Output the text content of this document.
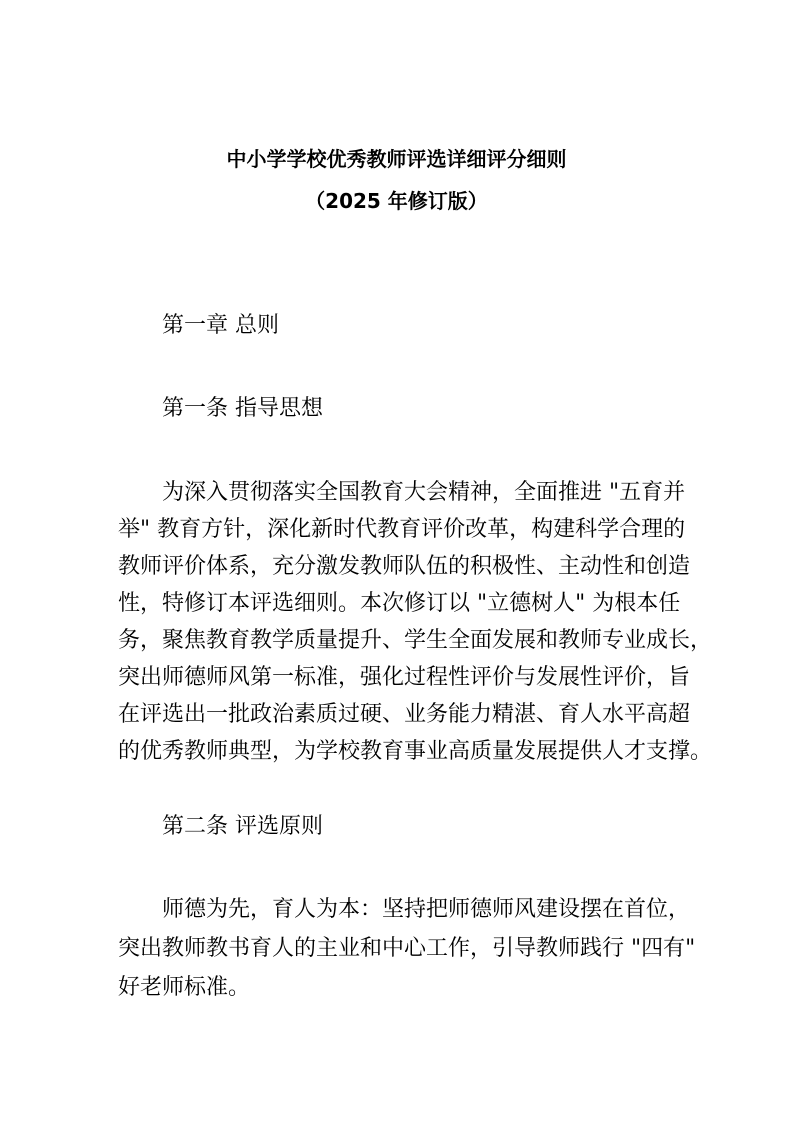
中小学学校优秀教师评选详细评分细则
（2025 年修订版）
第一章 总则
第一条 指导思想
为深入贯彻落实全国教育大会精神，全面推进 "五育并
举" 教育方针，深化新时代教育评价改革，构建科学合理的
教师评价体系，充分激发教师队伍的积极性、主动性和创造
性，特修订本评选细则。本次修订以 "立德树人" 为根本任
务，聚焦教育教学质量提升、学生全面发展和教师专业成长，
突出师德师风第一标准，强化过程性评价与发展性评价，旨
在评选出一批政治素质过硬、业务能力精湛、育人水平高超
的优秀教师典型，为学校教育事业高质量发展提供人才支撑。
第二条 评选原则
师德为先，育人为本：坚持把师德师风建设摆在首位，
突出教师教书育人的主业和中心工作，引导教师践行 "四有"
好老师标准。
